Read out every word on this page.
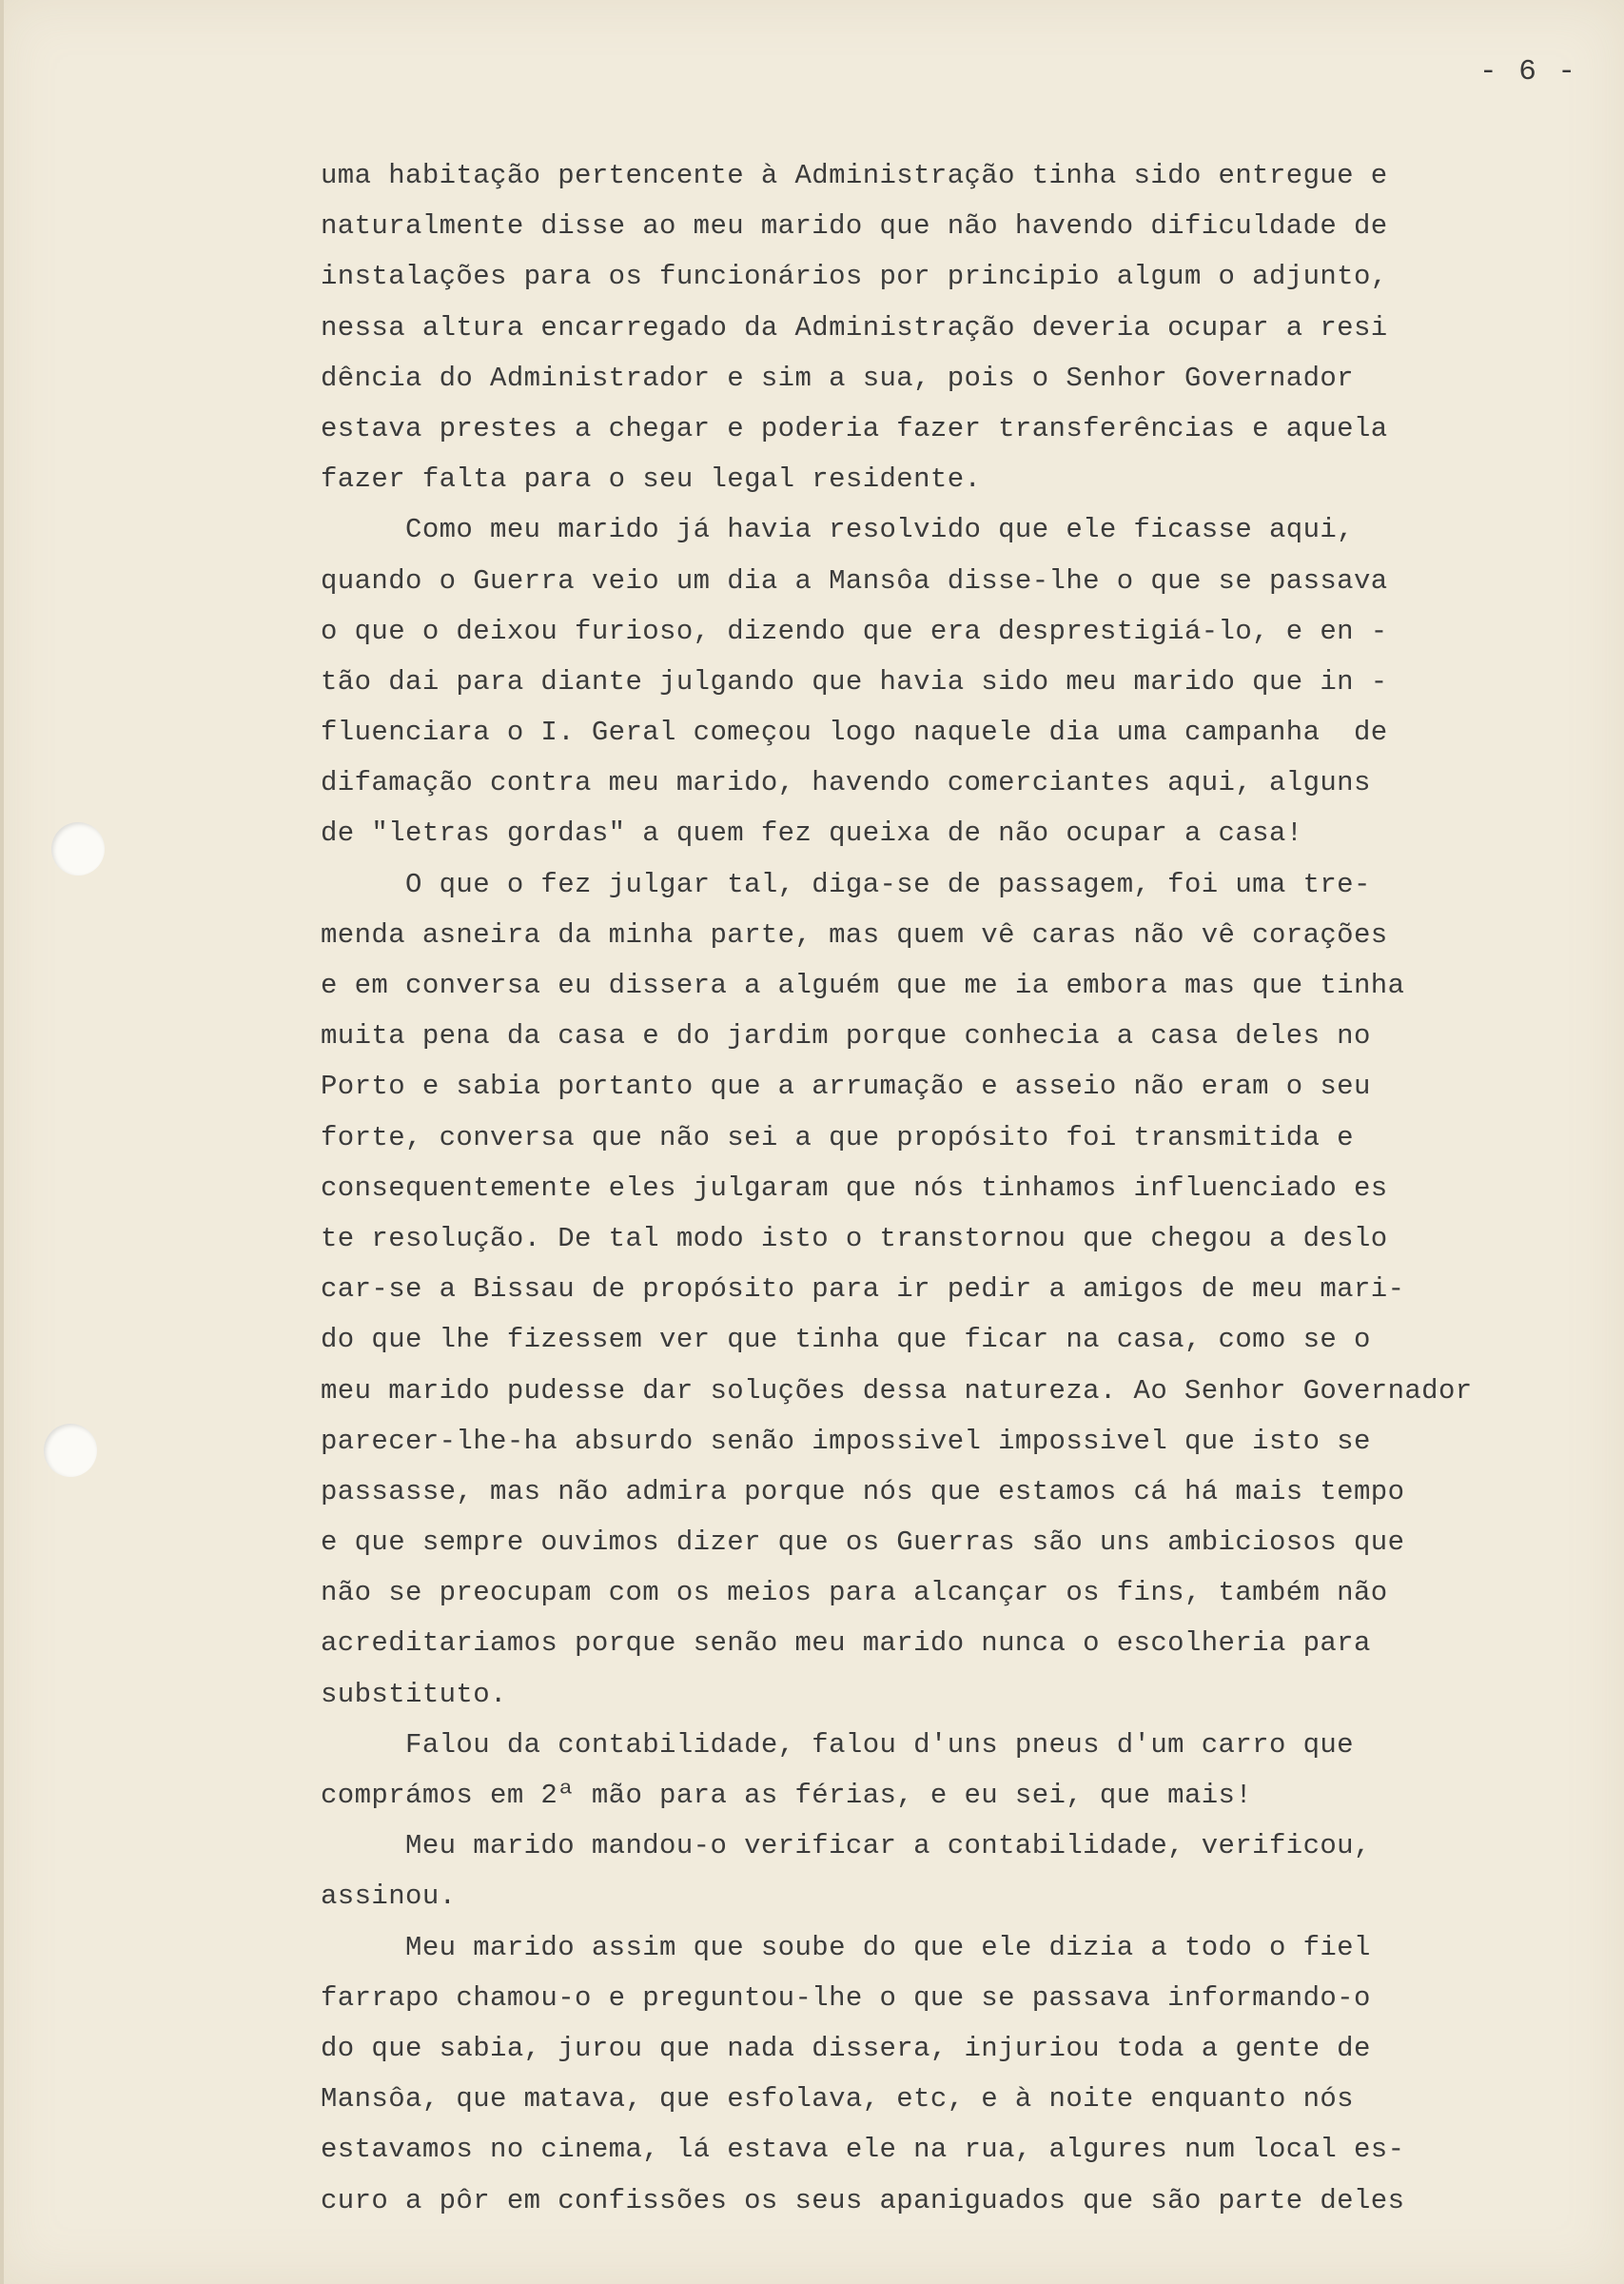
- 6 -
uma habitação pertencente à Administração tinha sido entregue e
naturalmente disse ao meu marido que não havendo dificuldade de
instalações para os funcionários por principio algum o adjunto,
nessa altura encarregado da Administração deveria ocupar a resi
dência do Administrador e sim a sua, pois o Senhor Governador
estava prestes a chegar e poderia fazer transferências e aquela
fazer falta para o seu legal residente.
Como meu marido já havia resolvido que ele ficasse aqui,
quando o Guerra veio um dia a Mansôa disse-lhe o que se passava
o que o deixou furioso, dizendo que era desprestigiá-lo, e en -
tão dai para diante julgando que havia sido meu marido que in -
fluenciara o I. Geral começou logo naquele dia uma campanha  de
difamação contra meu marido, havendo comerciantes aqui, alguns
de "letras gordas" a quem fez queixa de não ocupar a casa!
O que o fez julgar tal, diga-se de passagem, foi uma tre-
menda asneira da minha parte, mas quem vê caras não vê corações
e em conversa eu dissera a alguém que me ia embora mas que tinha
muita pena da casa e do jardim porque conhecia a casa deles no
Porto e sabia portanto que a arrumação e asseio não eram o seu
forte, conversa que não sei a que propósito foi transmitida e
consequentemente eles julgaram que nós tinhamos influenciado es
te resolução. De tal modo isto o transtornou que chegou a deslo
car-se a Bissau de propósito para ir pedir a amigos de meu mari-
do que lhe fizessem ver que tinha que ficar na casa, como se o
meu marido pudesse dar soluções dessa natureza. Ao Senhor Governador
parecer-lhe-ha absurdo senão impossivel impossivel que isto se
passasse, mas não admira porque nós que estamos cá há mais tempo
e que sempre ouvimos dizer que os Guerras são uns ambiciosos que
não se preocupam com os meios para alcançar os fins, também não
acreditariamos porque senão meu marido nunca o escolheria para
substituto.
Falou da contabilidade, falou d'uns pneus d'um carro que
comprámos em 2ª mão para as férias, e eu sei, que mais!
Meu marido mandou-o verificar a contabilidade, verificou,
assinou.
Meu marido assim que soube do que ele dizia a todo o fiel
farrapo chamou-o e preguntou-lhe o que se passava informando-o
do que sabia, jurou que nada dissera, injuriou toda a gente de
Mansôa, que matava, que esfolava, etc, e à noite enquanto nós
estavamos no cinema, lá estava ele na rua, algures num local es-
curo a pôr em confissões os seus apaniguados que são parte deles
